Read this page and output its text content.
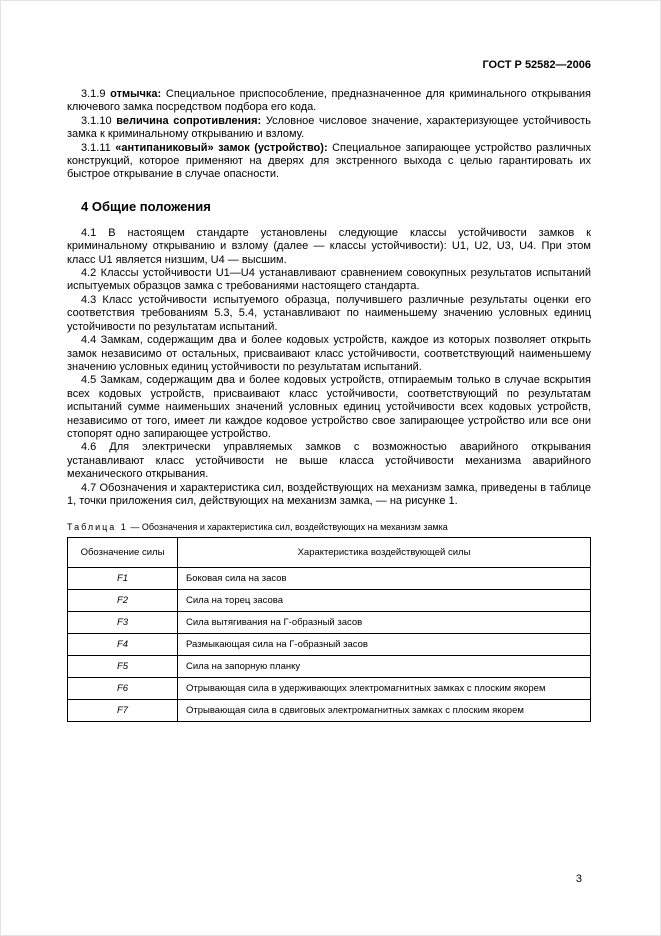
ГОСТ Р 52582—2006

3.1.9 отмычка: Специальное приспособление, предназначенное для криминального открывания ключевого замка посредством подбора его кода.

3.1.10 величина сопротивления: Условное числовое значение, характеризующее устойчивость замка к криминальному открыванию и взлому.

3.1.11 «антипаниковый» замок (устройство): Специальное запирающее устройство различных конструкций, которое применяют на дверях для экстренного выхода с целью гарантировать их быстрое открывание в случае опасности.

4 Общие положения

4.1 В настоящем стандарте установлены следующие классы устойчивости замков к криминальному открыванию и взлому (далее — классы устойчивости): U1, U2, U3, U4. При этом класс U1 является низшим, U4 — высшим.

4.2 Классы устойчивости U1—U4 устанавливают сравнением совокупных результатов испытаний испытуемых образцов замка с требованиями настоящего стандарта.

4.3 Класс устойчивости испытуемого образца, получившего различные результаты оценки его соответствия требованиям 5.3, 5.4, устанавливают по наименьшему значению условных единиц устойчивости по результатам испытаний.

4.4 Замкам, содержащим два и более кодовых устройств, каждое из которых позволяет открыть замок независимо от остальных, присваивают класс устойчивости, соответствующий наименьшему значению условных единиц устойчивости по результатам испытаний.

4.5 Замкам, содержащим два и более кодовых устройств, отпираемым только в случае вскрытия всех кодовых устройств, присваивают класс устойчивости, соответствующий по результатам испытаний сумме наименьших значений условных единиц устойчивости всех кодовых устройств, независимо от того, имеет ли каждое кодовое устройство свое запирающее устройство или все они стопорят одно запирающее устройство.

4.6 Для электрически управляемых замков с возможностью аварийного открывания устанавливают класс устойчивости не выше класса устойчивости механизма аварийного механического открывания.

4.7 Обозначения и характеристика сил, воздействующих на механизм замка, приведены в таблице 1, точки приложения сил, действующих на механизм замка, — на рисунке 1.

Таблица 1 — Обозначения и характеристика сил, воздействующих на механизм замка
Обозначение силы	Характеристика воздействующей силы
F1	Боковая сила на засов
F2	Сила на торец засова
F3	Сила вытягивания на Г-образный засов
F4	Размыкающая сила на Г-образный засов
F5	Сила на запорную планку
F6	Отрывающая сила в удерживающих электромагнитных замках с плоским якорем
F7	Отрывающая сила в сдвиговых электромагнитных замках с плоским якорем
3
